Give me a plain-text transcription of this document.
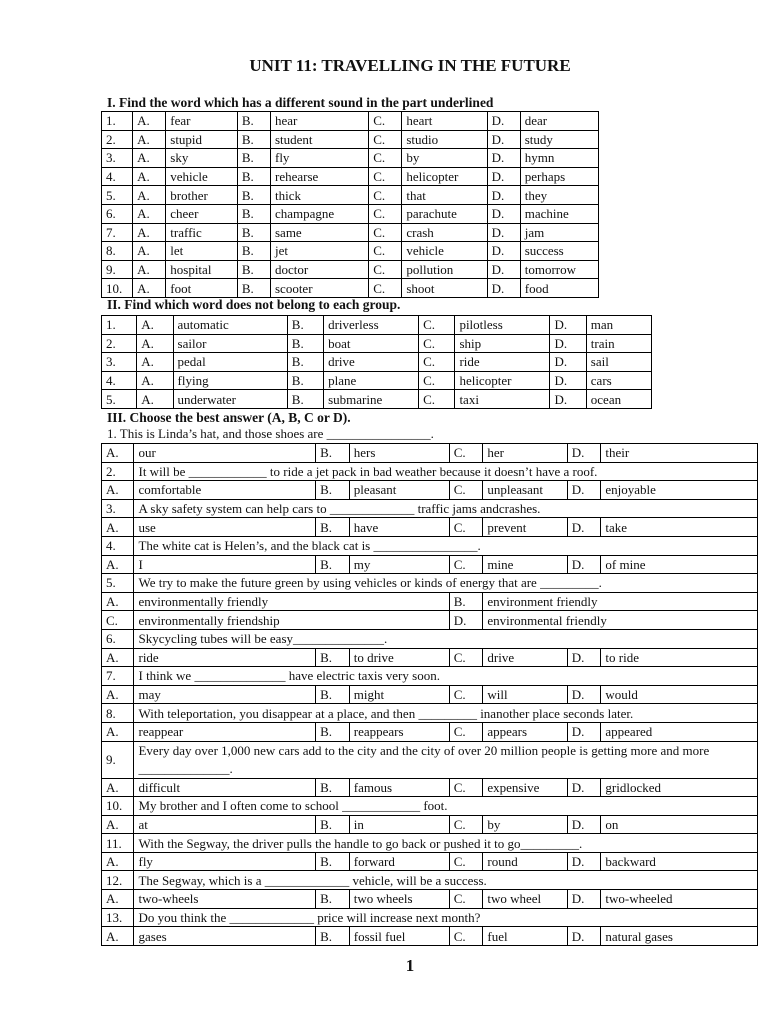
UNIT 11: TRAVELLING IN THE FUTURE
I. Find the word which has a different sound in the part underlined
1.	A.	fear	B.	hear	C.	heart	D.	dear
2.	A.	stupid	B.	student	C.	studio	D.	study
3.	A.	sky	B.	fly	C.	by	D.	hymn
4.	A.	vehicle	B.	rehearse	C.	helicopter	D.	perhaps
5.	A.	brother	B.	thick	C.	that	D.	they
6.	A.	cheer	B.	champagne	C.	parachute	D.	machine
7.	A.	traffic	B.	same	C.	crash	D.	jam
8.	A.	let	B.	jet	C.	vehicle	D.	success
9.	A.	hospital	B.	doctor	C.	pollution	D.	tomorrow
10.	A.	foot	B.	scooter	C.	shoot	D.	food
II. Find which word does not belong to each group.
1.	A.	automatic	B.	driverless	C.	pilotless	D.	man
2.	A.	sailor	B.	boat	C.	ship	D.	train
3.	A.	pedal	B.	drive	C.	ride	D.	sail
4.	A.	flying	B.	plane	C.	helicopter	D.	cars
5.	A.	underwater	B.	submarine	C.	taxi	D.	ocean
III. Choose the best answer (A, B, C or D).
1. This is Linda’s hat, and those shoes are ________________.
A.	our	B.	hers	C.	her	D.	their
2.	It will be ____________ to ride a jet pack in bad weather because it doesn’t have a roof.						
A.	comfortable	B.	pleasant	C.	unpleasant	D.	enjoyable
3.	A sky safety system can help cars to _____________ traffic jams andcrashes.						
A.	use	B.	have	C.	prevent	D.	take
4.	The white cat is Helen’s, and the black cat is ________________.						
A.	I	B.	my	C.	mine	D.	of mine
5.	We try to make the future green by using vehicles or kinds of energy that are _________.						
A.	environmentally friendly			B.	environment friendly		
C.	environmentally friendship			D.	environmental friendly		
6.	Skycycling tubes will be easy______________.						
A.	ride	B.	to drive	C.	drive	D.	to ride
7.	I think we ______________ have electric taxis very soon.						
A.	may	B.	might	C.	will	D.	would
8.	With teleportation, you disappear at a place, and then _________ inanother place seconds later.						
A.	reappear	B.	reappears	C.	appears	D.	appeared
9.	Every day over 1,000 new cars add to the city and the city of over 20 million people is getting more and more ______________.						
A.	difficult	B.	famous	C.	expensive	D.	gridlocked
10.	My brother and I often come to school ____________ foot.						
A.	at	B.	in	C.	by	D.	on
11.	With the Segway, the driver pulls the handle to go back or pushed it to go_________.						
A.	fly	B.	forward	C.	round	D.	backward
12.	The Segway, which is a _____________ vehicle, will be a success.						
A.	two-wheels	B.	two wheels	C.	two wheel	D.	two-wheeled
13.	Do you think the _____________ price will increase next month?						
A.	gases	B.	fossil fuel	C.	fuel	D.	natural gases
1
